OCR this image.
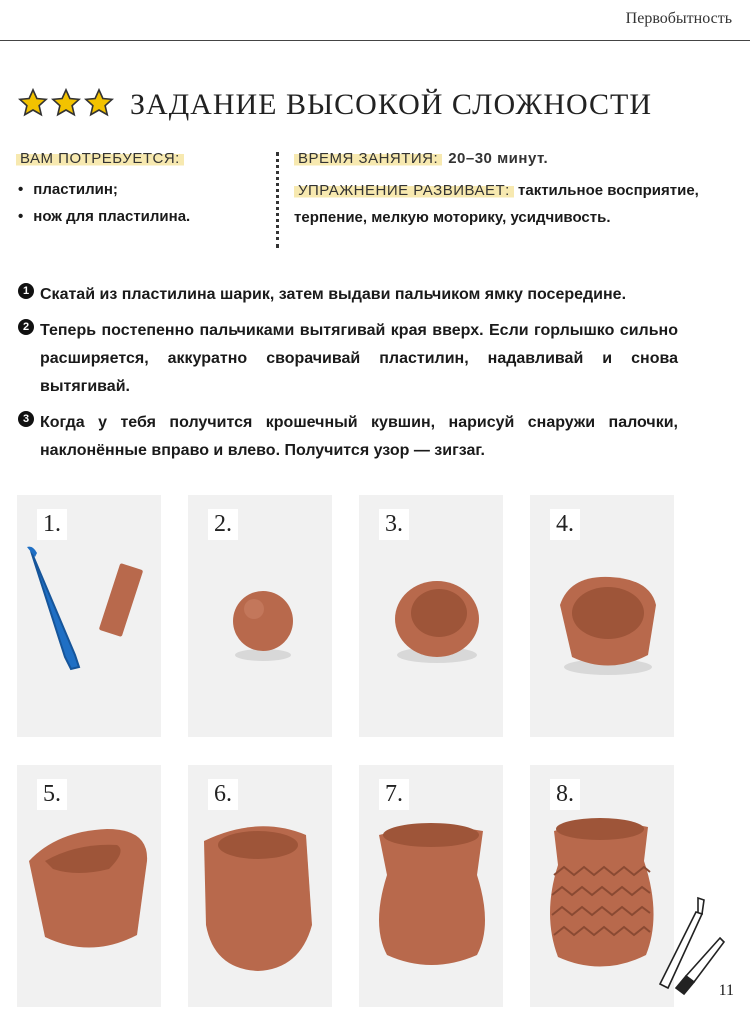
Первобытность
ЗАДАНИЕ ВЫСОКОЙ СЛОЖНОСТИ
ВАМ ПОТРЕБУЕТСЯ:
• пластилин;
• нож для пластилина.
ВРЕМЯ ЗАНЯТИЯ: 20–30 минут.
УПРАЖНЕНИЕ РАЗВИВАЕТ: тактильное восприятие, терпение, мелкую моторику, усидчивость.
1 Скатай из пластилина шарик, затем выдави пальчиком ямку посередине.
2 Теперь постепенно пальчиками вытягивай края вверх. Если горлышко сильно расширяется, аккуратно сворачивай пластилин, надавливай и снова вытягивай.
3 Когда у тебя получится крошечный кувшин, нарисуй снаружи палочки, наклонённые вправо и влево. Получится узор — зигзаг.
1.	2.	3.	4.
5.	6.	7.	8.
11
